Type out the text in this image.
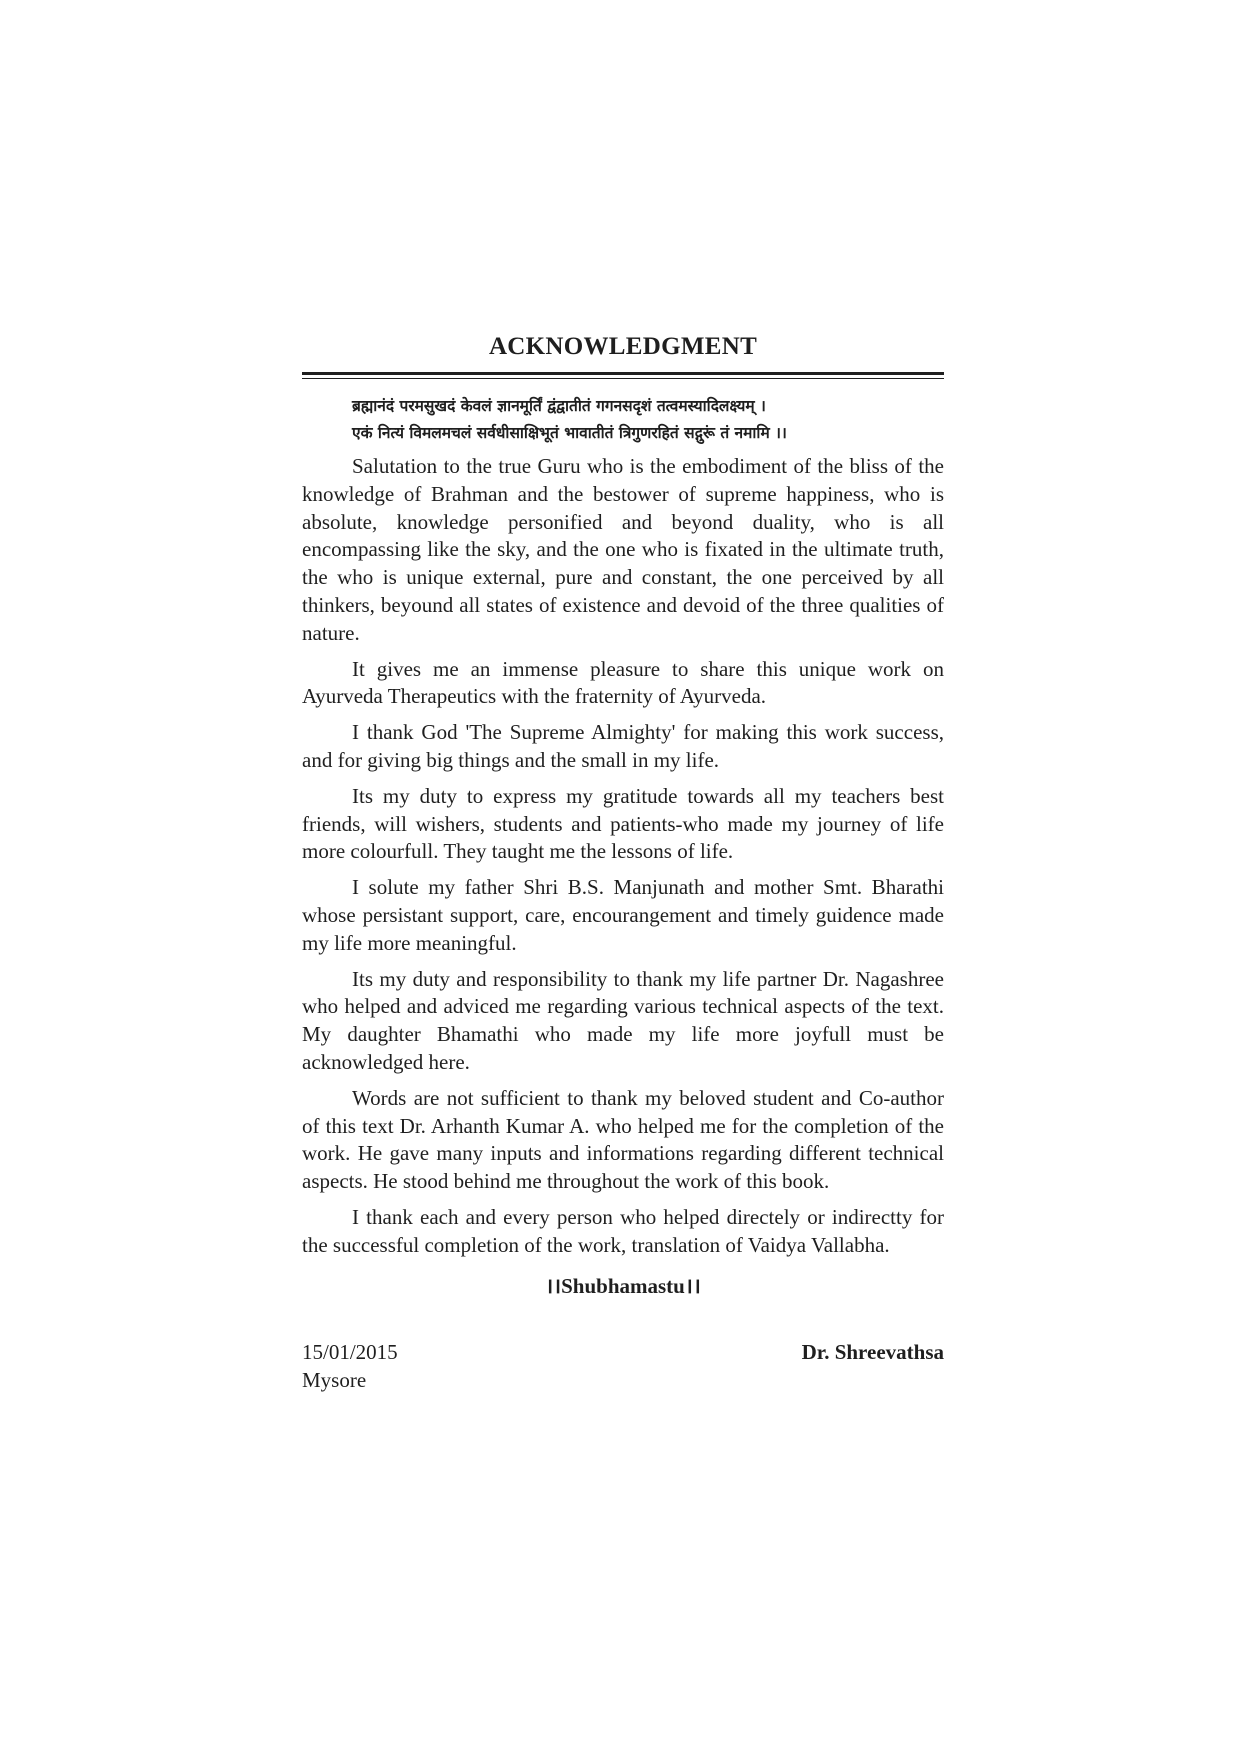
ACKNOWLEDGMENT
ब्रह्मानंदं परमसुखदं केवलं ज्ञानमूर्तिं द्वंद्वातीतं गगनसदृशं तत्वमस्यादिलक्ष्यम् ।
एकं नित्यं विमलमचलं सर्वधीसाक्षिभूतं भावातीतं त्रिगुणरहितं सद्गुरूं तं नमामि ।।

Salutation to the true Guru who is the embodiment of the bliss of the knowledge of Brahman and the bestower of supreme happiness, who is absolute, knowledge personified and beyond duality, who is all encompassing like the sky, and the one who is fixated in the ultimate truth, the who is unique external, pure and constant, the one perceived by all thinkers, beyound all states of existence and devoid of the three qualities of nature.

It gives me an immense pleasure to share this unique work on Ayurveda Therapeutics with the fraternity of Ayurveda.

I thank God 'The Supreme Almighty' for making this work success, and for giving big things and the small in my life.

Its my duty to express my gratitude towards all my teachers best friends, will wishers, students and patients-who made my journey of life more colourfull. They taught me the lessons of life.

I solute my father Shri B.S. Manjunath and mother Smt. Bharathi whose persistant support, care, encourangement and timely guidence made my life more meaningful.

Its my duty and responsibility to thank my life partner Dr. Nagashree who helped and adviced me regarding various technical aspects of the text. My daughter Bhamathi who made my life more joyfull must be acknowledged here.

Words are not sufficient to thank my beloved student and Co-author of this text Dr. Arhanth Kumar A. who helped me for the completion of the work. He gave many inputs and informations regarding different technical aspects. He stood behind me throughout the work of this book.

I thank each and every person who helped directely or indirectty for the successful completion of the work, translation of Vaidya Vallabha.

।।Shubhamastu।।
15/01/2015
Mysore
Dr. Shreevathsa
